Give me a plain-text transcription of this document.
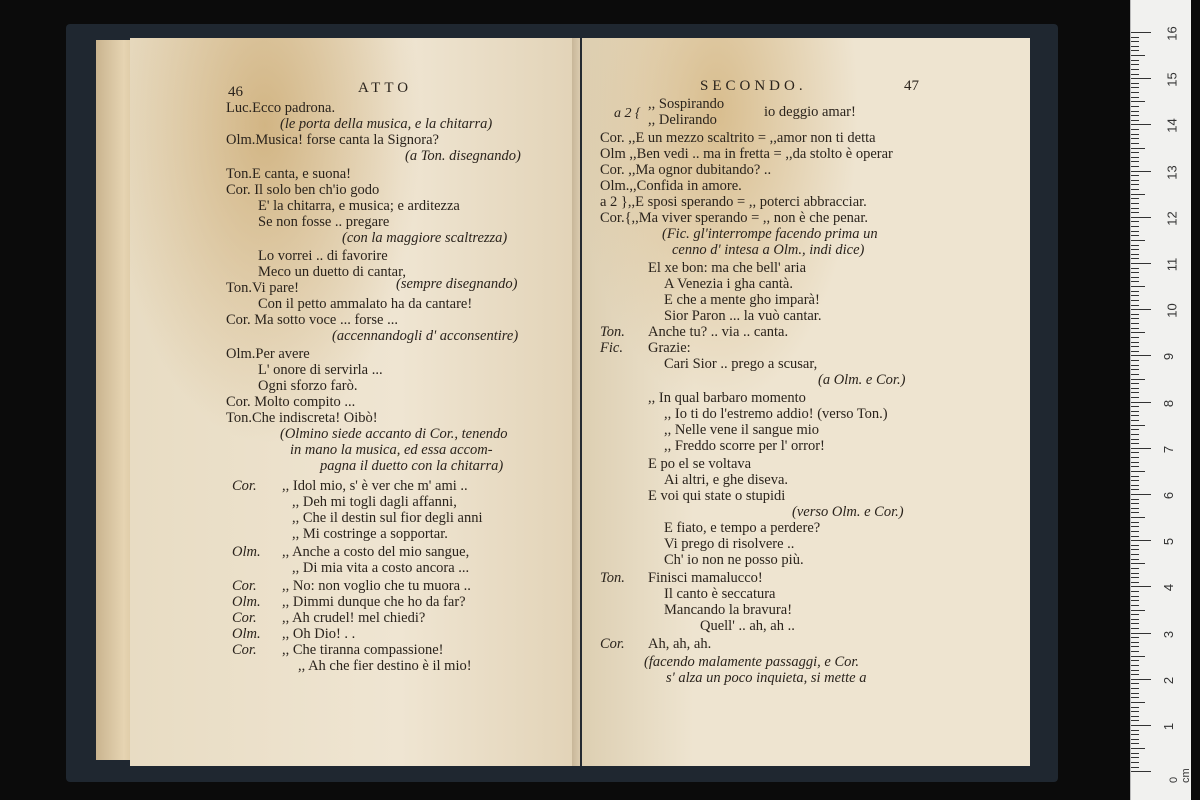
46	ATTO
Luc.Ecco padrona.
(le porta della musica, e la chitarra)
Olm.Musica! forse canta la Signora?
(a Ton. disegnando)
Ton.E canta, e suona!
Cor. Il solo ben ch'io godo
E' la chitarra, e musica; e arditezza
Se non fosse .. pregare
(con la maggiore scaltrezza)
Lo vorrei .. di favorire
Meco un duetto di cantar,
Ton.Vi pare!	(sempre disegnando)
Con il petto ammalato ha da cantare!
Cor. Ma sotto voce ... forse ...
(accennandogli d' acconsentire)
Olm.Per avere
L' onore di servirla ...
Ogni sforzo farò.
Cor. Molto compito ...
Ton.Che indiscreta! Oibò!
(Olmino siede accanto di Cor., tenendo
in mano la musica, ed essa accom-
pagna il duetto con la chitarra)
Cor. ,, Idol mio, s' è ver che m' ami ..
,, Deh mi togli dagli affanni,
,, Che il destin sul fior degli anni
,, Mi costringe a sopportar.
Olm. ,, Anche a costo del mio sangue,
,, Di mia vita a costo ancora ...
Cor. ,, No: non voglio che tu muora ..
Olm. ,, Dimmi dunque che ho da far?
Cor. ,, Ah crudel! mel chiedi?
Olm. ,, Oh Dio! . .
Cor. ,, Che tiranna compassione!
,, Ah che fier destino è il mio!
SECONDO.	47
a 2 {
,, Sospirando
,, Delirando	io deggio amar!
Cor. ,,E un mezzo scaltrito = ,,amor non ti detta
Olm ,,Ben vedi .. ma in fretta = ,,da stolto è operar
Cor. ,,Ma ognor dubitando? ..
Olm.,,Confida in amore.
a 2 },,E sposi sperando = ,, poterci abbracciar.
Cor.{,,Ma viver sperando = ,, non è che penar.
(Fic. gl'interrompe facendo prima un
cenno d' intesa a Olm., indi dice)
El xe bon: ma che bell' aria
A Venezia i gha cantà.
E che a mente gho imparà!
Sior Paron ... la vuò cantar.
Ton. Anche tu? .. via .. canta.
Fic. Grazie:
Cari Sior .. prego a scusar,
(a Olm. e Cor.)
,, In qual barbaro momento
,, Io ti do l'estremo addio! (verso Ton.)
,, Nelle vene il sangue mio
,, Freddo scorre per l' orror!
E po el se voltava
Ai altri, e ghe diseva.
E voi qui state o stupidi
(verso Olm. e Cor.)
E fiato, e tempo a perdere?
Vi prego di risolvere ..
Ch' io non ne posso più.
Ton. Finisci mamalucco!
Il canto è seccatura
Mancando la bravura!
Quell' .. ah, ah ..
Cor. Ah, ah, ah.
(facendo malamente passaggi, e Cor.
s' alza un poco inquieta, si mette a
0 cm
16
15
14
13
12
11
10
9
8
7
6
5
4
3
2
1
